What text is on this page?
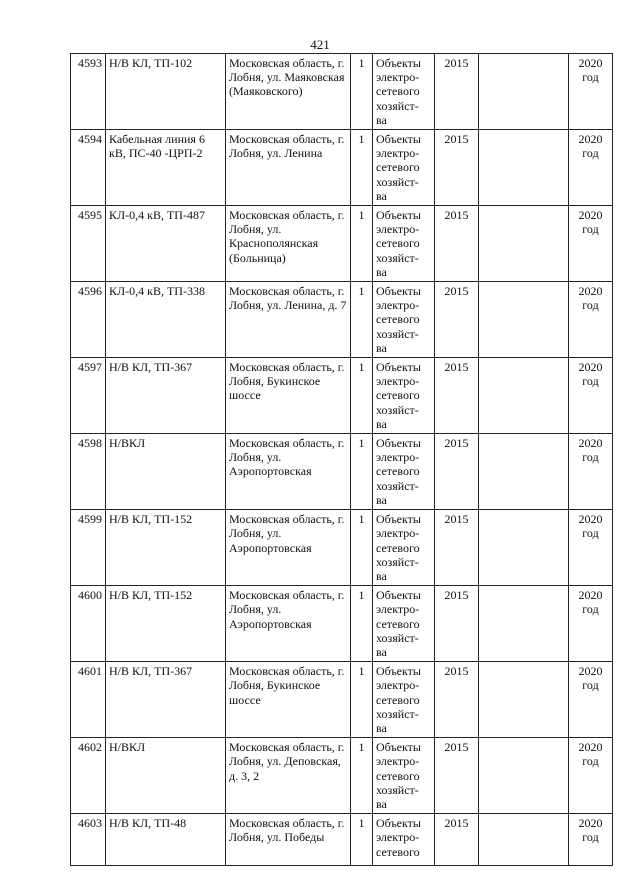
421
4593	Н/В КЛ, ТП-102	Московская область, г. Лобня, ул. Маяковская (Маяковского)	1	Объекты электро- сетевого хозяйст- ва	2015		2020 год
4594	Кабельная линия 6 кВ, ПС-40 -ЦРП-2	Московская область, г. Лобня, ул. Ленина	1	Объекты электро- сетевого хозяйст- ва	2015		2020 год
4595	КЛ-0,4 кВ, ТП-487	Московская область, г. Лобня, ул. Краснополянская (Больница)	1	Объекты электро- сетевого хозяйст- ва	2015		2020 год
4596	КЛ-0,4 кВ, ТП-338	Московская область, г. Лобня, ул. Ленина, д. 7	1	Объекты электро- сетевого хозяйст- ва	2015		2020 год
4597	Н/В КЛ, ТП-367	Московская область, г. Лобня, Букинское шоссе	1	Объекты электро- сетевого хозяйст- ва	2015		2020 год
4598	Н/ВКЛ	Московская область, г. Лобня, ул. Аэропортовская	1	Объекты электро- сетевого хозяйст- ва	2015		2020 год
4599	Н/В КЛ, ТП-152	Московская область, г. Лобня, ул. Аэропортовская	1	Объекты электро- сетевого хозяйст- ва	2015		2020 год
4600	Н/В КЛ, ТП-152	Московская область, г. Лобня, ул. Аэропортовская	1	Объекты электро- сетевого хозяйст- ва	2015		2020 год
4601	Н/В КЛ, ТП-367	Московская область, г. Лобня, Букинское шоссе	1	Объекты электро- сетевого хозяйст- ва	2015		2020 год
4602	Н/ВКЛ	Московская область, г. Лобня, ул. Деповская, д. 3, 2	1	Объекты электро- сетевого хозяйст- ва	2015		2020 год
4603	Н/В КЛ, ТП-48	Московская область, г. Лобня, ул. Победы	1	Объекты электро- сетевого	2015		2020 год
